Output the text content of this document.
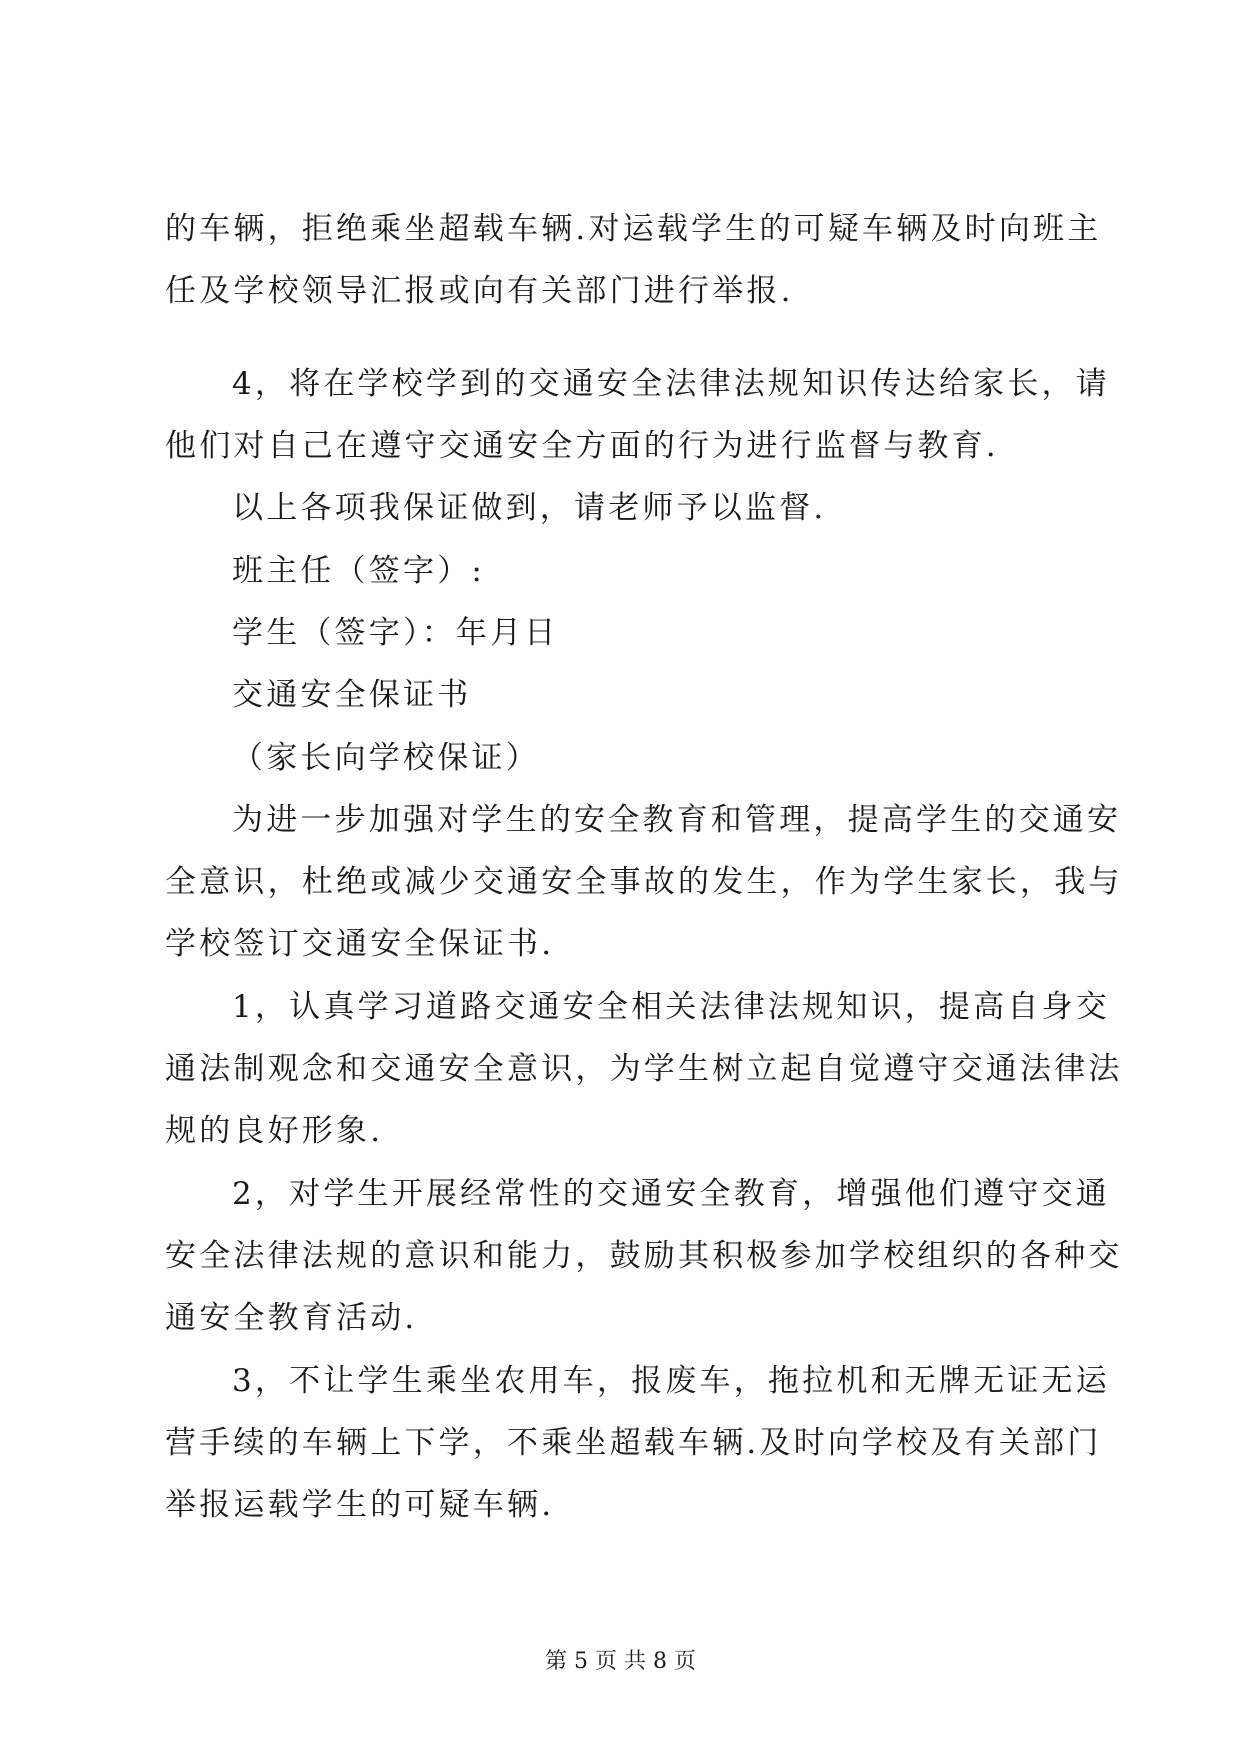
的车辆，拒绝乘坐超载车辆.对运载学生的可疑车辆及时向班主
任及学校领导汇报或向有关部门进行举报.
4，将在学校学到的交通安全法律法规知识传达给家长，请
他们对自己在遵守交通安全方面的行为进行监督与教育.
以上各项我保证做到，请老师予以监督.
班主任（签字）:
学生（签字）：年月日
交通安全保证书
（家长向学校保证）
为进一步加强对学生的安全教育和管理，提高学生的交通安
全意识，杜绝或减少交通安全事故的发生，作为学生家长，我与
学校签订交通安全保证书.
1，认真学习道路交通安全相关法律法规知识，提高自身交
通法制观念和交通安全意识，为学生树立起自觉遵守交通法律法
规的良好形象.
2，对学生开展经常性的交通安全教育，增强他们遵守交通
安全法律法规的意识和能力，鼓励其积极参加学校组织的各种交
通安全教育活动.
3，不让学生乘坐农用车，报废车，拖拉机和无牌无证无运
营手续的车辆上下学，不乘坐超载车辆.及时向学校及有关部门
举报运载学生的可疑车辆.
第 5 页 共 8 页
